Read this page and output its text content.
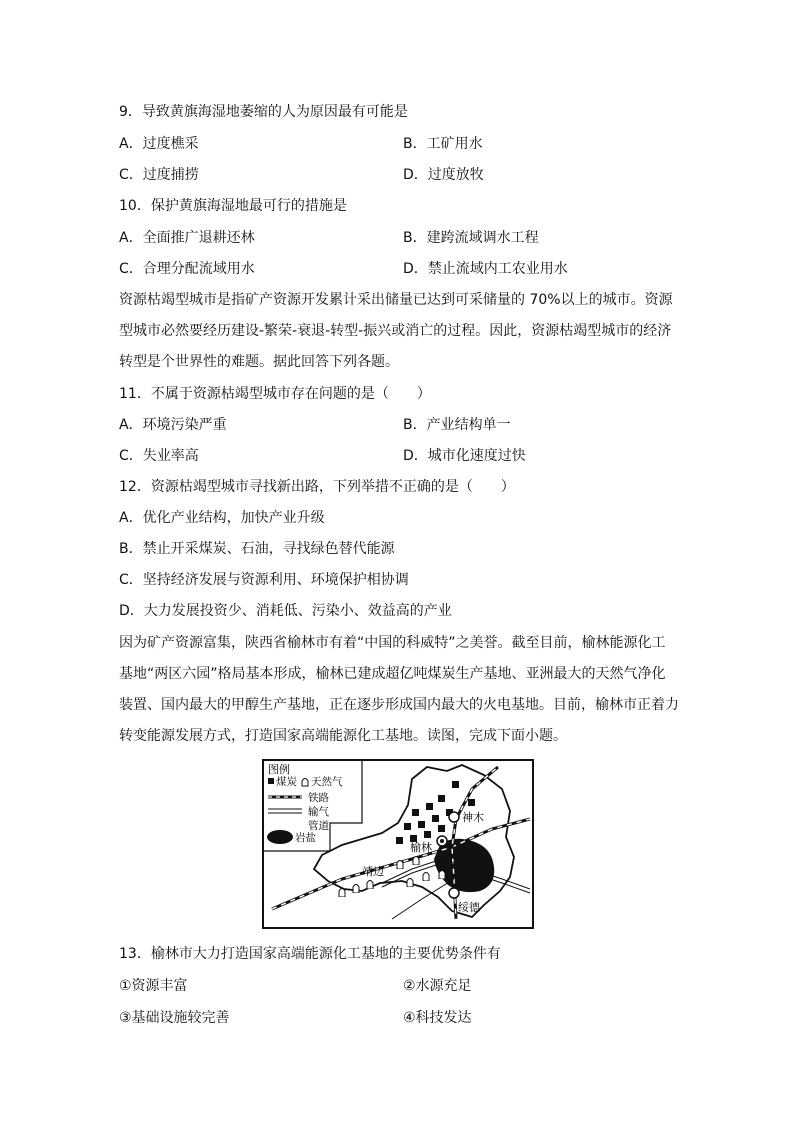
9．导致黄旗海湿地萎缩的人为原因最有可能是
A．过度樵采	B．工矿用水
C．过度捕捞	D．过度放牧
10．保护黄旗海湿地最可行的措施是
A．全面推广退耕还林	B．建跨流域调水工程
C．合理分配流域用水	D．禁止流域内工农业用水
资源枯竭型城市是指矿产资源开发累计采出储量已达到可采储量的 70%以上的城市。资源
型城市必然要经历建设-繁荣-衰退-转型-振兴或消亡的过程。因此，资源枯竭型城市的经济
转型是个世界性的难题。据此回答下列各题。
11．不属于资源枯竭型城市存在问题的是（　　）
A．环境污染严重	B．产业结构单一
C．失业率高	D．城市化速度过快
12．资源枯竭型城市寻找新出路，下列举措不正确的是（　　）
A．优化产业结构，加快产业升级
B．禁止开采煤炭、石油，寻找绿色替代能源
C．坚持经济发展与资源利用、环境保护相协调
D．大力发展投资少、消耗低、污染小、效益高的产业
因为矿产资源富集，陕西省榆林市有着“中国的科威特”之美誉。截至目前，榆林能源化工
基地“两区六园”格局基本形成，榆林已建成超亿吨煤炭生产基地、亚洲最大的天然气净化
装置、国内最大的甲醇生产基地，正在逐步形成国内最大的火电基地。目前，榆林市正着力
转变能源发展方式，打造国家高端能源化工基地。读图，完成下面小题。
神木
榆林
靖边
绥德
图例
煤炭 天然气
铁路
输气
管道
岩盐
13．榆林市大力打造国家高端能源化工基地的主要优势条件有
①资源丰富	②水源充足
③基础设施较完善	④科技发达
